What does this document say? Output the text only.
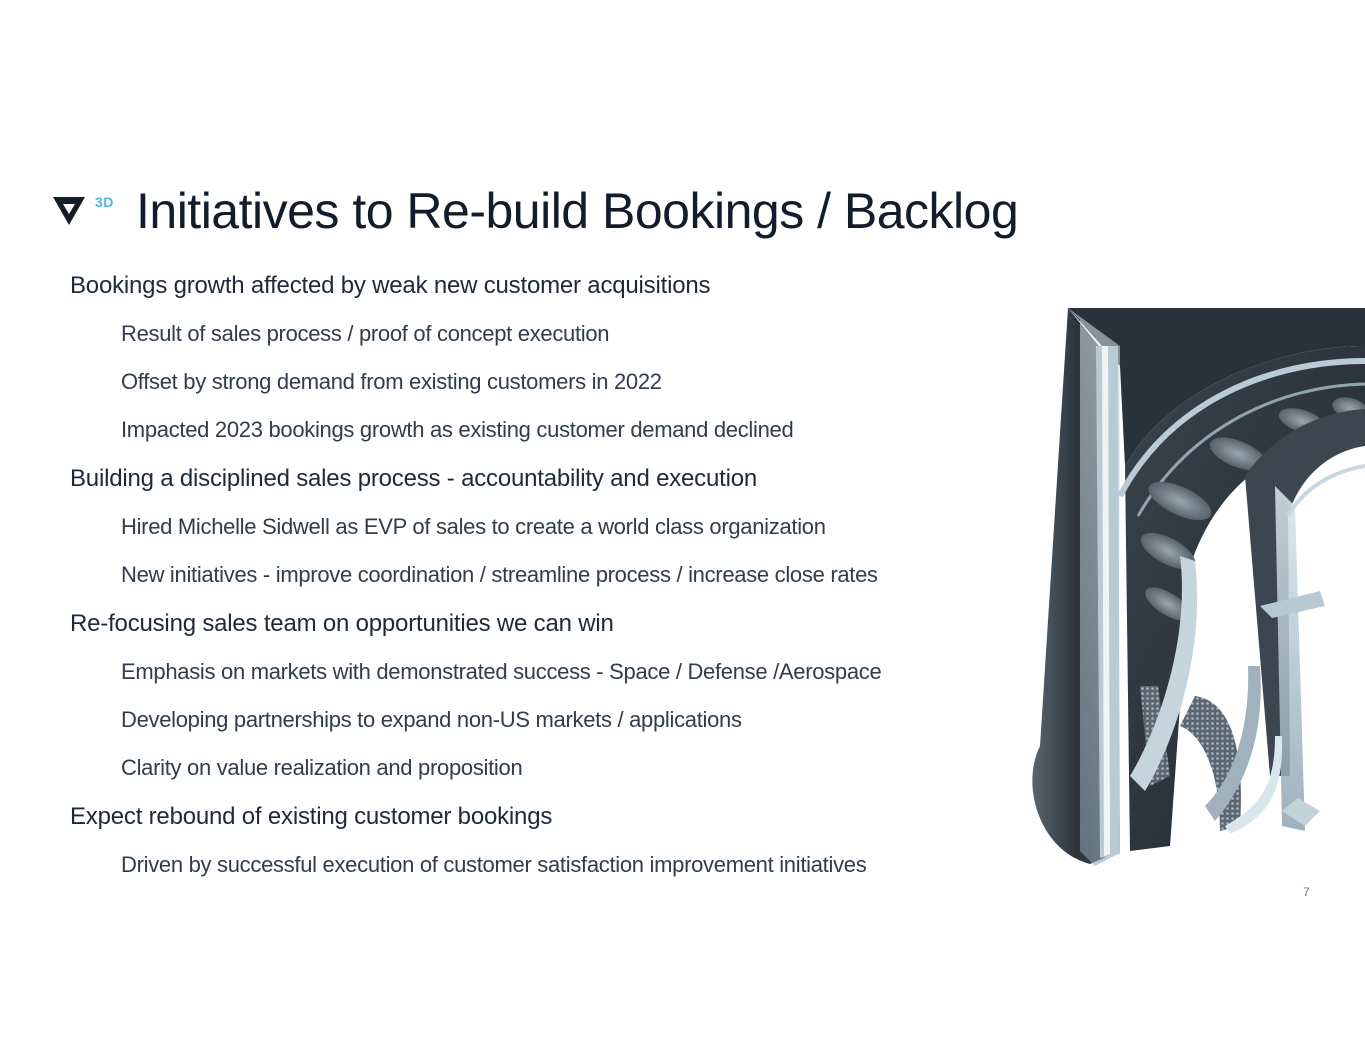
3D Initiatives to Re-build Bookings / Backlog
Bookings growth affected by weak new customer acquisitions
Result of sales process / proof of concept execution
Offset by strong demand from existing customers in 2022
Impacted 2023 bookings growth as existing customer demand declined
Building a disciplined sales process - accountability and execution
Hired Michelle Sidwell as EVP of sales to create a world class organization
New initiatives - improve coordination / streamline process / increase close rates
Re-focusing sales team on opportunities we can win
Emphasis on markets with demonstrated success - Space / Defense /Aerospace
Developing partnerships to expand non-US markets / applications
Clarity on value realization and proposition
Expect rebound of existing customer bookings
Driven by successful execution of customer satisfaction improvement initiatives
7
